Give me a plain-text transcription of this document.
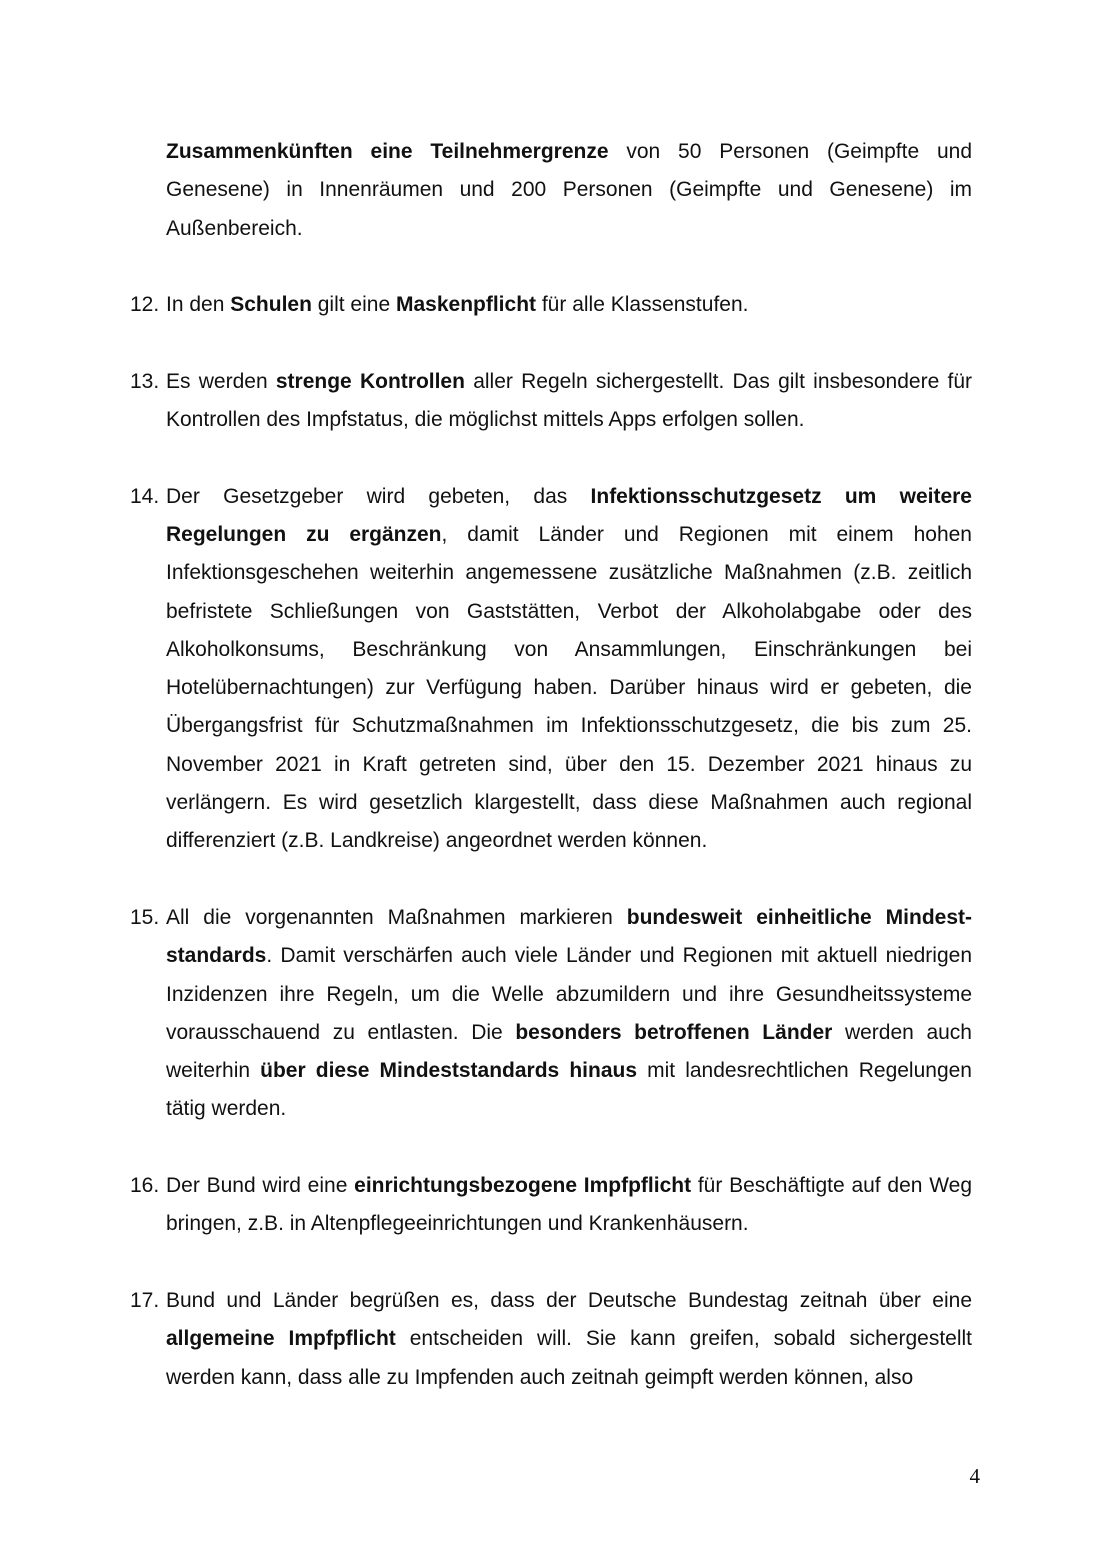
Zusammenkünften eine Teilnehmergrenze von 50 Personen (Geimpfte und Genesene) in Innenräumen und 200 Personen (Geimpfte und Genesene) im Außenbereich.

12. In den Schulen gilt eine Maskenpflicht für alle Klassenstufen.

13. Es werden strenge Kontrollen aller Regeln sichergestellt. Das gilt insbesondere für Kontrollen des Impfstatus, die möglichst mittels Apps erfolgen sollen.

14. Der Gesetzgeber wird gebeten, das Infektionsschutzgesetz um weitere Regelungen zu ergänzen, damit Länder und Regionen mit einem hohen Infektionsgeschehen weiterhin angemessene zusätzliche Maßnahmen (z.B. zeitlich befristete Schließungen von Gaststätten, Verbot der Alkoholabgabe oder des Alkoholkonsums, Beschränkung von Ansammlungen, Einschränkungen bei Hotelübernachtungen) zur Verfügung haben. Darüber hinaus wird er gebeten, die Übergangsfrist für Schutzmaßnahmen im Infektionsschutzgesetz, die bis zum 25. November 2021 in Kraft getreten sind, über den 15. Dezember 2021 hinaus zu verlängern. Es wird gesetzlich klargestellt, dass diese Maßnahmen auch regional differenziert (z.B. Landkreise) angeordnet werden können.

15. All die vorgenannten Maßnahmen markieren bundesweit einheitliche Mindeststandards. Damit verschärfen auch viele Länder und Regionen mit aktuell niedrigen Inzidenzen ihre Regeln, um die Welle abzumildern und ihre Gesundheitssysteme vorausschauend zu entlasten. Die besonders betroffenen Länder werden auch weiterhin über diese Mindeststandards hinaus mit landesrechtlichen Regelungen tätig werden.

16. Der Bund wird eine einrichtungsbezogene Impfpflicht für Beschäftigte auf den Weg bringen, z.B. in Altenpflegeeinrichtungen und Krankenhäusern.

17. Bund und Länder begrüßen es, dass der Deutsche Bundestag zeitnah über eine allgemeine Impfpflicht entscheiden will. Sie kann greifen, sobald sichergestellt werden kann, dass alle zu Impfenden auch zeitnah geimpft werden können, also

4
